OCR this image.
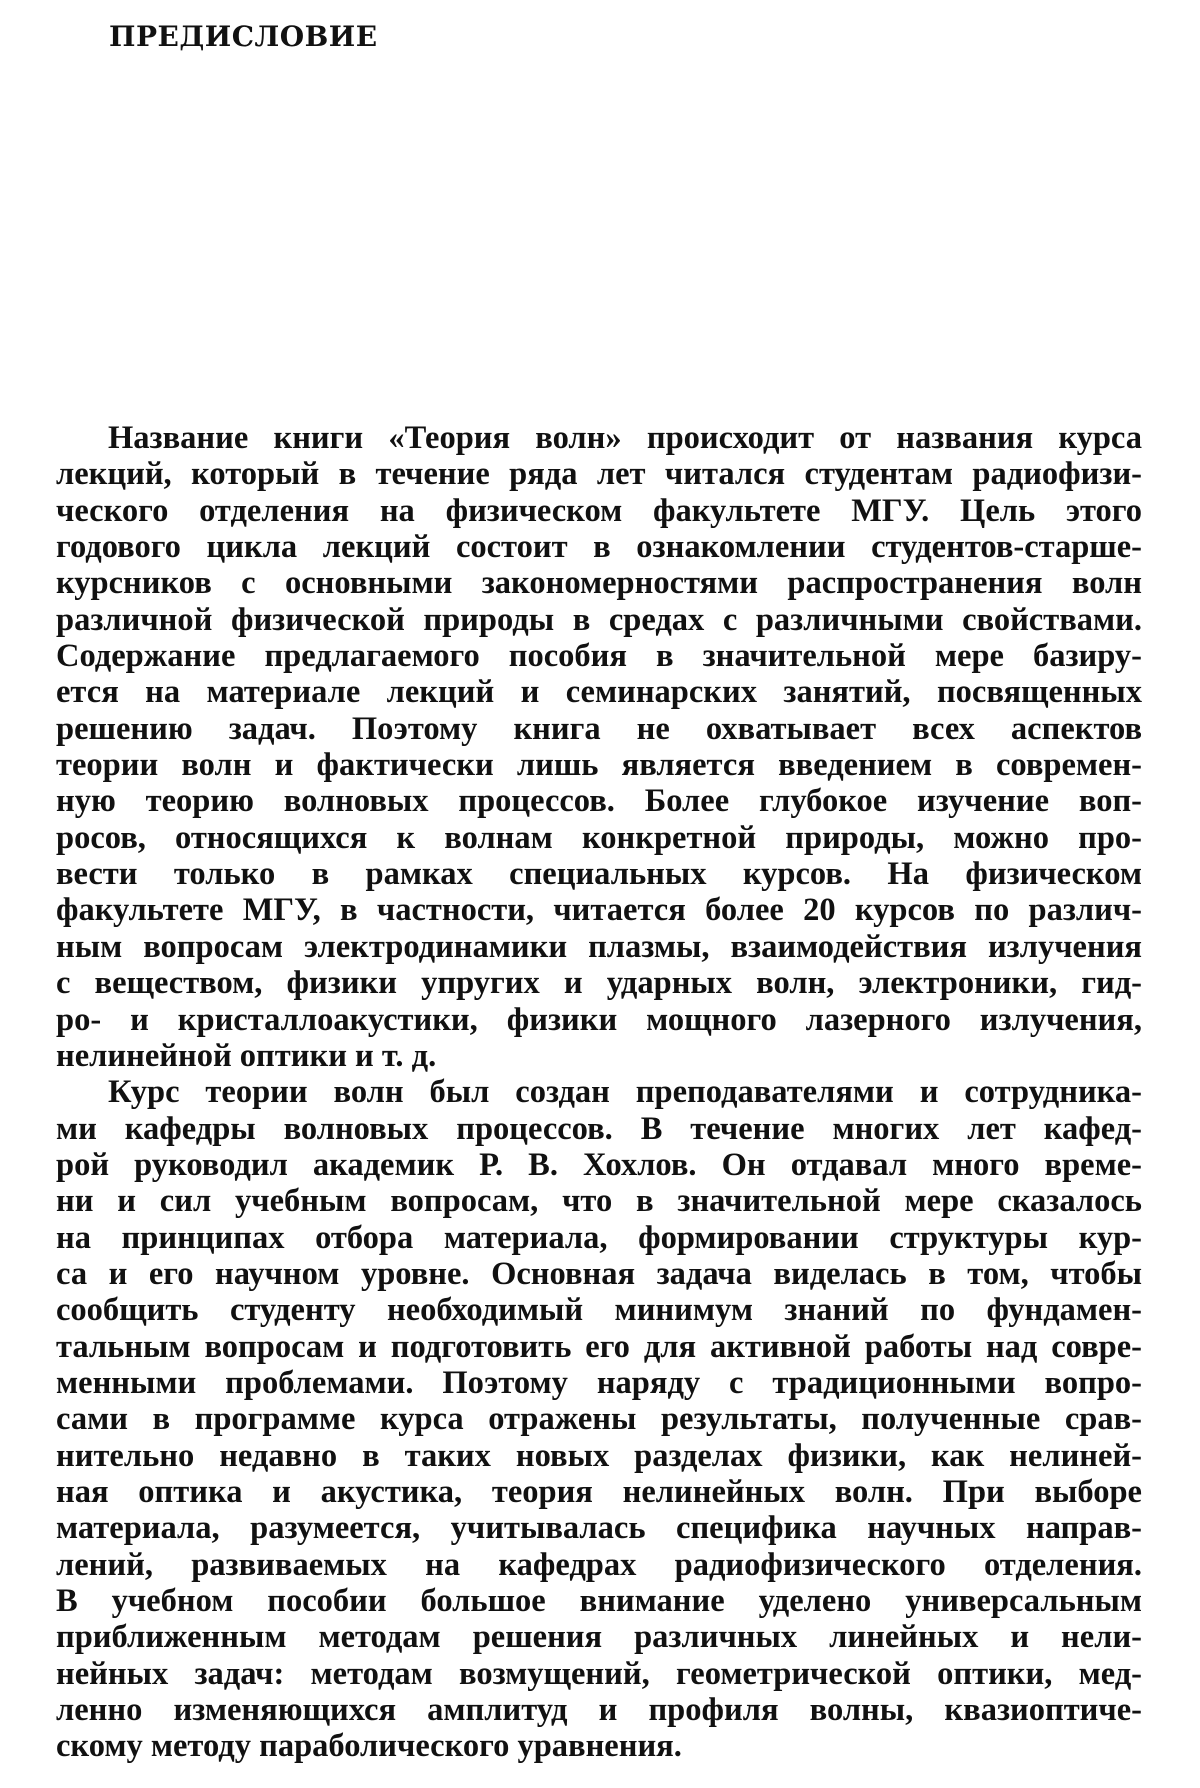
ПРЕДИСЛОВИЕ
Название книги «Теория волн» происходит от названия курса
лекций, который в течение ряда лет читался студентам радиофизи-
ческого отделения на физическом факультете МГУ. Цель этого
годового цикла лекций состоит в ознакомлении студентов-старше-
курсников с основными закономерностями распространения волн
различной физической природы в средах с различными свойствами.
Содержание предлагаемого пособия в значительной мере базиру-
ется на материале лекций и семинарских занятий, посвященных
решению задач. Поэтому книга не охватывает всех аспектов
теории волн и фактически лишь является введением в современ-
ную теорию волновых процессов. Более глубокое изучение воп-
росов, относящихся к волнам конкретной природы, можно про-
вести только в рамках специальных курсов. На физическом
факультете МГУ, в частности, читается более 20 курсов по различ-
ным вопросам электродинамики плазмы, взаимодействия излучения
с веществом, физики упругих и ударных волн, электроники, гид-
ро- и кристаллоакустики, физики мощного лазерного излучения,
нелинейной оптики и т. д.
Курс теории волн был создан преподавателями и сотрудника-
ми кафедры волновых процессов. В течение многих лет кафед-
рой руководил академик Р. В. Хохлов. Он отдавал много време-
ни и сил учебным вопросам, что в значительной мере сказалось
на принципах отбора материала, формировании структуры кур-
са и его научном уровне. Основная задача виделась в том, чтобы
сообщить студенту необходимый минимум знаний по фундамен-
тальным вопросам и подготовить его для активной работы над совре-
менными проблемами. Поэтому наряду с традиционными вопро-
сами в программе курса отражены результаты, полученные срав-
нительно недавно в таких новых разделах физики, как нелиней-
ная оптика и акустика, теория нелинейных волн. При выборе
материала, разумеется, учитывалась специфика научных направ-
лений, развиваемых на кафедрах радиофизического отделения.
В учебном пособии большое внимание уделено универсальным
приближенным методам решения различных линейных и нели-
нейных задач: методам возмущений, геометрической оптики, мед-
ленно изменяющихся амплитуд и профиля волны, квазиоптиче-
скому методу параболического уравнения.
